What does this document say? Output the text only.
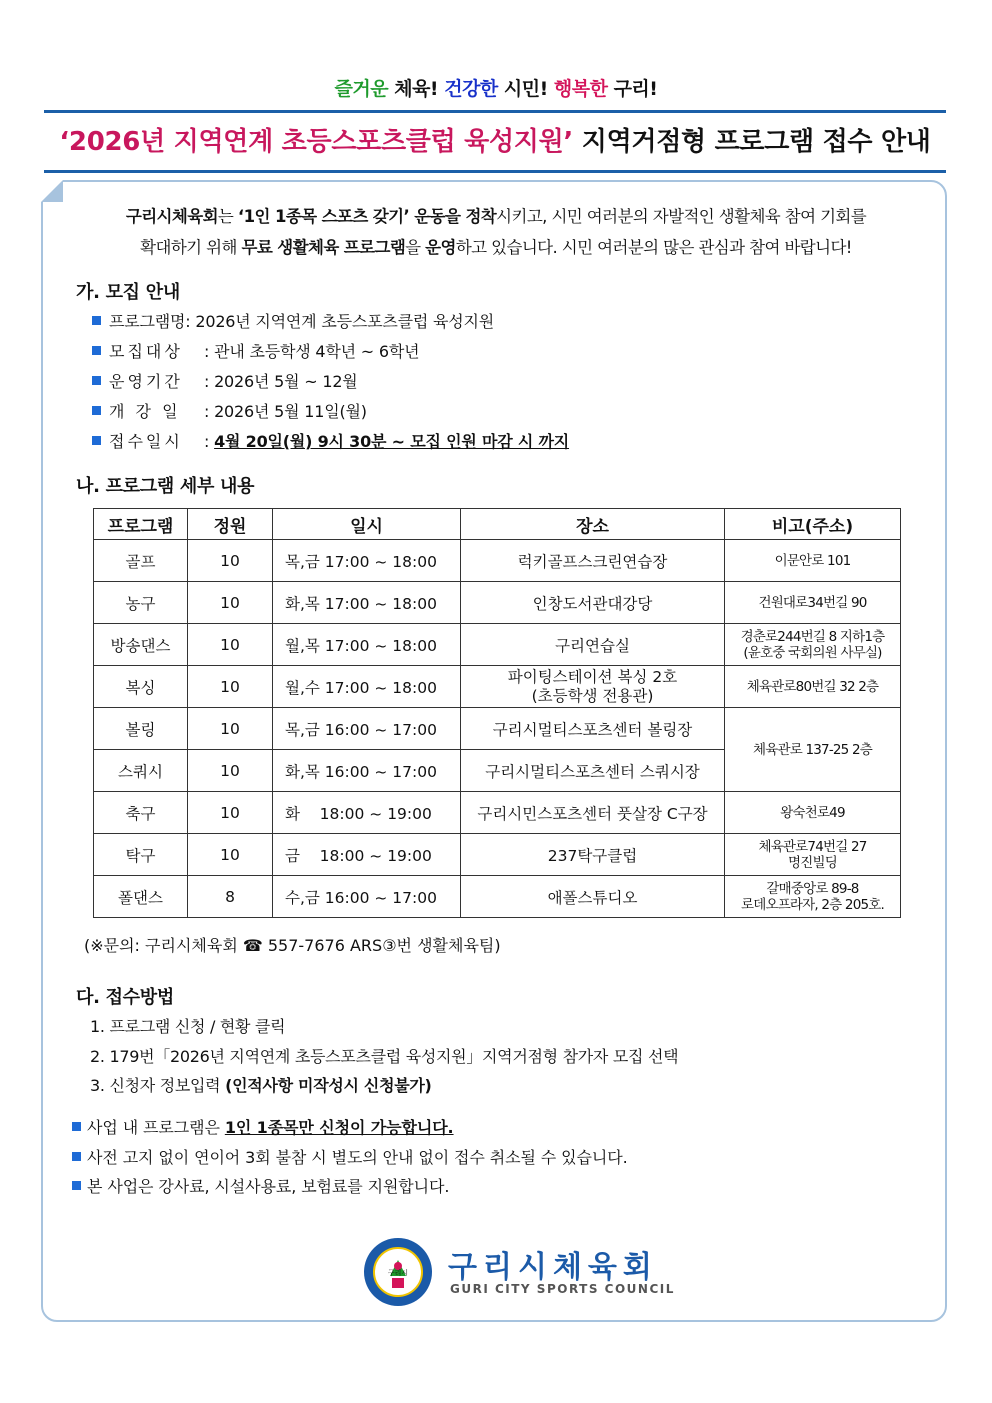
즐거운 체육! 건강한 시민! 행복한 구리!
‘2026년 지역연계 초등스포츠클럽 육성지원’ 지역거점형 프로그램 접수 안내
구리시체육회는 ‘1인 1종목 스포츠 갖기’ 운동을 정착시키고, 시민 여러분의 자발적인 생활체육 참여 기회를
확대하기 위해 무료 생활체육 프로그램을 운영하고 있습니다. 시민 여러분의 많은 관심과 참여 바랍니다!
가. 모집 안내
프로그램명: 2026년 지역연계 초등스포츠클럽 육성지원
모집대상 : 관내 초등학생 4학년 ~ 6학년
운영기간 : 2026년 5월 ~ 12월
개 강 일 : 2026년 5월 11일(월)
접수일시 : 4월 20일(월) 9시 30분 ~ 모집 인원 마감 시 까지
나. 프로그램 세부 내용
프로그램	정원	일시	장소	비고(주소)
골프	10	목,금 17:00 ~ 18:00	럭키골프스크린연습장	이문안로 101
농구	10	화,목 17:00 ~ 18:00	인창도서관대강당	건원대로34번길 90
방송댄스	10	월,목 17:00 ~ 18:00	구리연습실	경춘로244번길 8 지하1층
(윤호중 국회의원 사무실)
복싱	10	월,수 17:00 ~ 18:00	파이팅스테이션 복싱 2호
(초등학생 전용관)	체육관로80번길 32 2층
볼링	10	목,금 16:00 ~ 17:00	구리시멀티스포츠센터 볼링장	체육관로 137-25 2층
스쿼시	10	화,목 16:00 ~ 17:00	구리시멀티스포츠센터 스쿼시장	
축구	10	화    18:00 ~ 19:00	구리시민스포츠센터 풋살장 C구장	왕숙천로49
탁구	10	금    18:00 ~ 19:00	237탁구클럽	체육관로74번길 27
명진빌딩
폴댄스	8	수,금 16:00 ~ 17:00	애폴스튜디오	갈매중앙로 89-8
로데오프라자, 2층 205호.
(※문의: 구리시체육회 ☎ 557-7676 ARS③번 생활체육팀)
다. 접수방법
1. 프로그램 신청 / 현황 클릭
2. 179번「2026년 지역연계 초등스포츠클럽 육성지원」지역거점형 참가자 모집 선택
3. 신청자 정보입력 (인적사항 미작성시 신청불가)
사업 내 프로그램은 1인 1종목만 신청이 가능합니다.
사전 고지 없이 연이어 3회 불참 시 별도의 안내 없이 접수 취소될 수 있습니다.
본 사업은 강사료, 시설사용료, 보험료를 지원합니다.
구리시 구리시체육회
GURI CITY SPORTS COUNCIL
